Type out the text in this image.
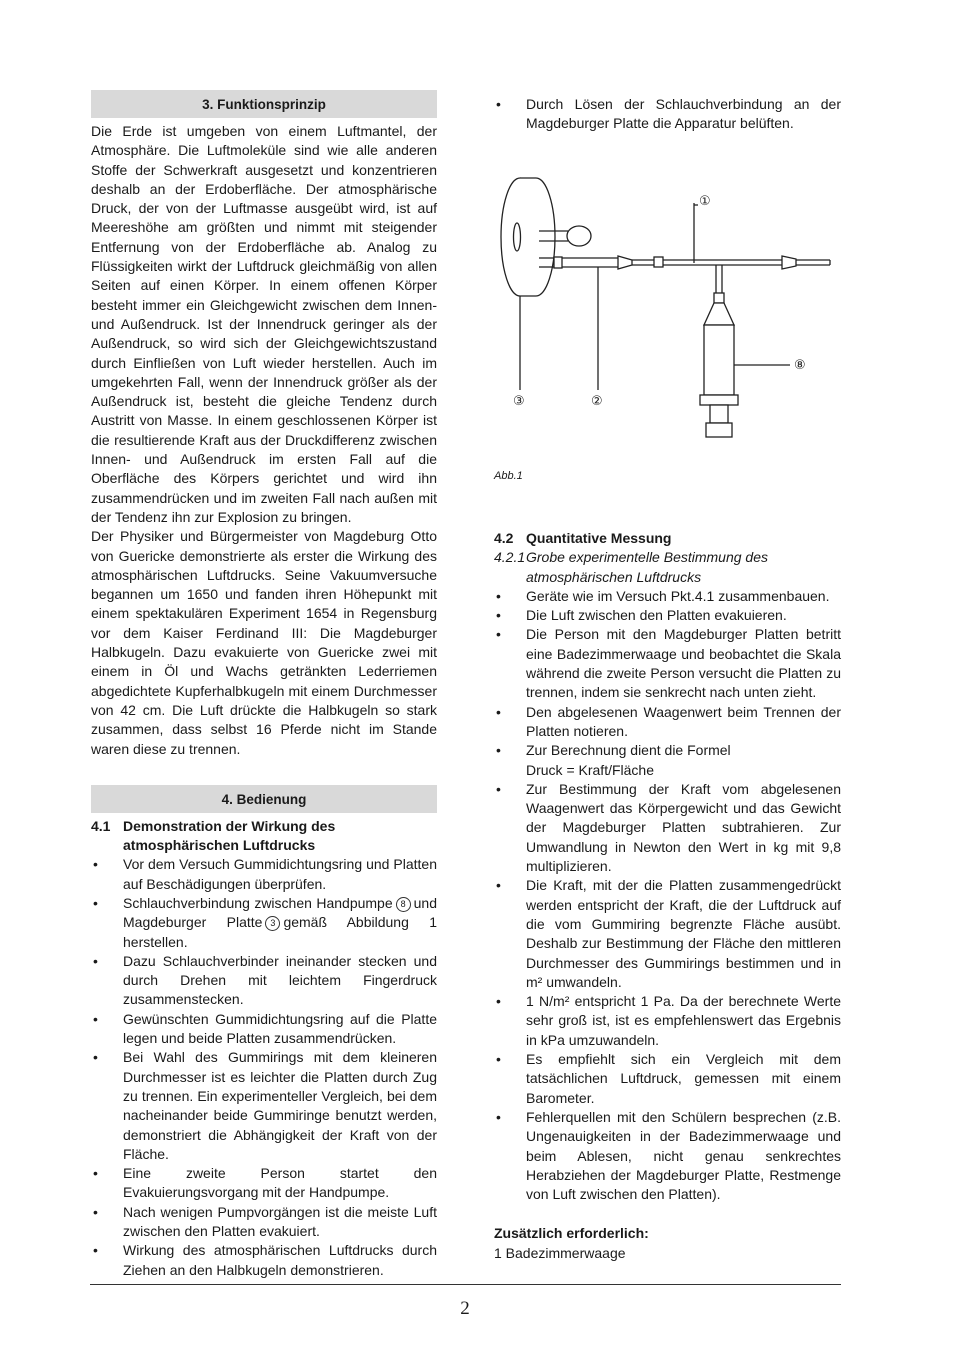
3. Funktionsprinzip

Die Erde ist umgeben von einem Luftmantel, der Atmosphäre. Die Luftmoleküle sind wie alle anderen Stoffe der Schwerkraft ausgesetzt und konzentrieren deshalb an der Erdoberfläche. Der atmosphärische Druck, der von der Luftmasse ausgeübt wird, ist auf Meereshöhe am größten und nimmt mit steigender Entfernung von der Erdoberfläche ab. Analog zu Flüssigkeiten wirkt der Luftdruck gleichmäßig von allen Seiten auf einen Körper. In einem offenen Körper besteht immer ein Gleichgewicht zwischen dem Innen- und Außendruck. Ist der Innendruck geringer als der Außendruck, so wird sich der Gleichgewichtszustand durch Einfließen von Luft wieder herstellen. Auch im umgekehrten Fall, wenn der Innendruck größer als der Außendruck ist, besteht die gleiche Tendenz durch Austritt von Masse. In einem geschlossenen Körper ist die resultierende Kraft aus der Druckdifferenz zwischen Innen- und Außendruck im ersten Fall auf die Oberfläche des Körpers gerichtet und wird ihn zusammendrücken und im zweiten Fall nach außen mit der Tendenz ihn zur Explosion zu bringen.

Der Physiker und Bürgermeister von Magdeburg Otto von Guericke demonstrierte als erster die Wirkung des atmosphärischen Luftdrucks. Seine Vakuumversuche begannen um 1650 und fanden ihren Höhepunkt mit einem spektakulären Experiment 1654 in Regensburg vor dem Kaiser Ferdinand III: Die Magdeburger Halbkugeln. Dazu evakuierte von Guericke zwei mit einem in Öl und Wachs getränkten Lederriemen abgedichtete Kupferhalbkugeln mit einem Durchmesser von 42 cm. Die Luft drückte die Halbkugeln so stark zusammen, dass selbst 16 Pferde nicht im Stande waren diese zu trennen.

4. Bedienung
4.1 Demonstration der Wirkung des atmosphärischen Luftdrucks
• Vor dem Versuch Gummidichtungsring und Platten auf Beschädigungen überprüfen.
• Schlauchverbindung zwischen Handpumpe 8 und Magdeburger Platte 3 gemäß Abbildung 1 herstellen.
• Dazu Schlauchverbinder ineinander stecken und durch Drehen mit leichtem Fingerdruck zusammenstecken.
• Gewünschten Gummidichtungsring auf die Platte legen und beide Platten zusammendrücken.
• Bei Wahl des Gummirings mit dem kleineren Durchmesser ist es leichter die Platten durch Zug zu trennen. Ein experimenteller Vergleich, bei dem nacheinander beide Gummiringe benutzt werden, demonstriert die Abhängigkeit der Kraft von der Fläche.
• Eine zweite Person startet den Evakuierungsvorgang mit der Handpumpe.
• Nach wenigen Pumpvorgängen ist die meiste Luft zwischen den Platten evakuiert.
• Wirkung des atmosphärischen Luftdrucks durch Ziehen an den Halbkugeln demonstrieren.
• Durch Lösen der Schlauchverbindung an der Magdeburger Platte die Apparatur belüften.
①
⑧
③	②
Abb.1
4.2 Quantitative Messung
4.2.1 Grobe experimentelle Bestimmung des atmosphärischen Luftdrucks
• Geräte wie im Versuch Pkt.4.1 zusammenbauen.
• Die Luft zwischen den Platten evakuieren.
• Die Person mit den Magdeburger Platten betritt eine Badezimmerwaage und beobachtet die Skala während die zweite Person versucht die Platten zu trennen, indem sie senkrecht nach unten zieht.
• Den abgelesenen Waagenwert beim Trennen der Platten notieren.
• Zur Berechnung dient die Formel
Druck = Kraft/Fläche
• Zur Bestimmung der Kraft vom abgelesenen Waagenwert das Körpergewicht und das Gewicht der Magdeburger Platten subtrahieren. Zur Umwandlung in Newton den Wert in kg mit 9,8 multiplizieren.
• Die Kraft, mit der die Platten zusammengedrückt werden entspricht der Kraft, die der Luftdruck auf die vom Gummiring begrenzte Fläche ausübt. Deshalb zur Bestimmung der Fläche den mittleren Durchmesser des Gummirings bestimmen und in m² umwandeln.
• 1 N/m² entspricht 1 Pa. Da der berechnete Werte sehr groß ist, ist es empfehlenswert das Ergebnis in kPa umzuwandeln.
• Es empfiehlt sich ein Vergleich mit dem tatsächlichen Luftdruck, gemessen mit einem Barometer.
• Fehlerquellen mit den Schülern besprechen (z.B. Ungenauigkeiten in der Badezimmerwaage und beim Ablesen, nicht genau senkrechtes Herabziehen der Magdeburger Platte, Restmenge von Luft zwischen den Platten).
Zusätzlich erforderlich:
1 Badezimmerwaage
2
